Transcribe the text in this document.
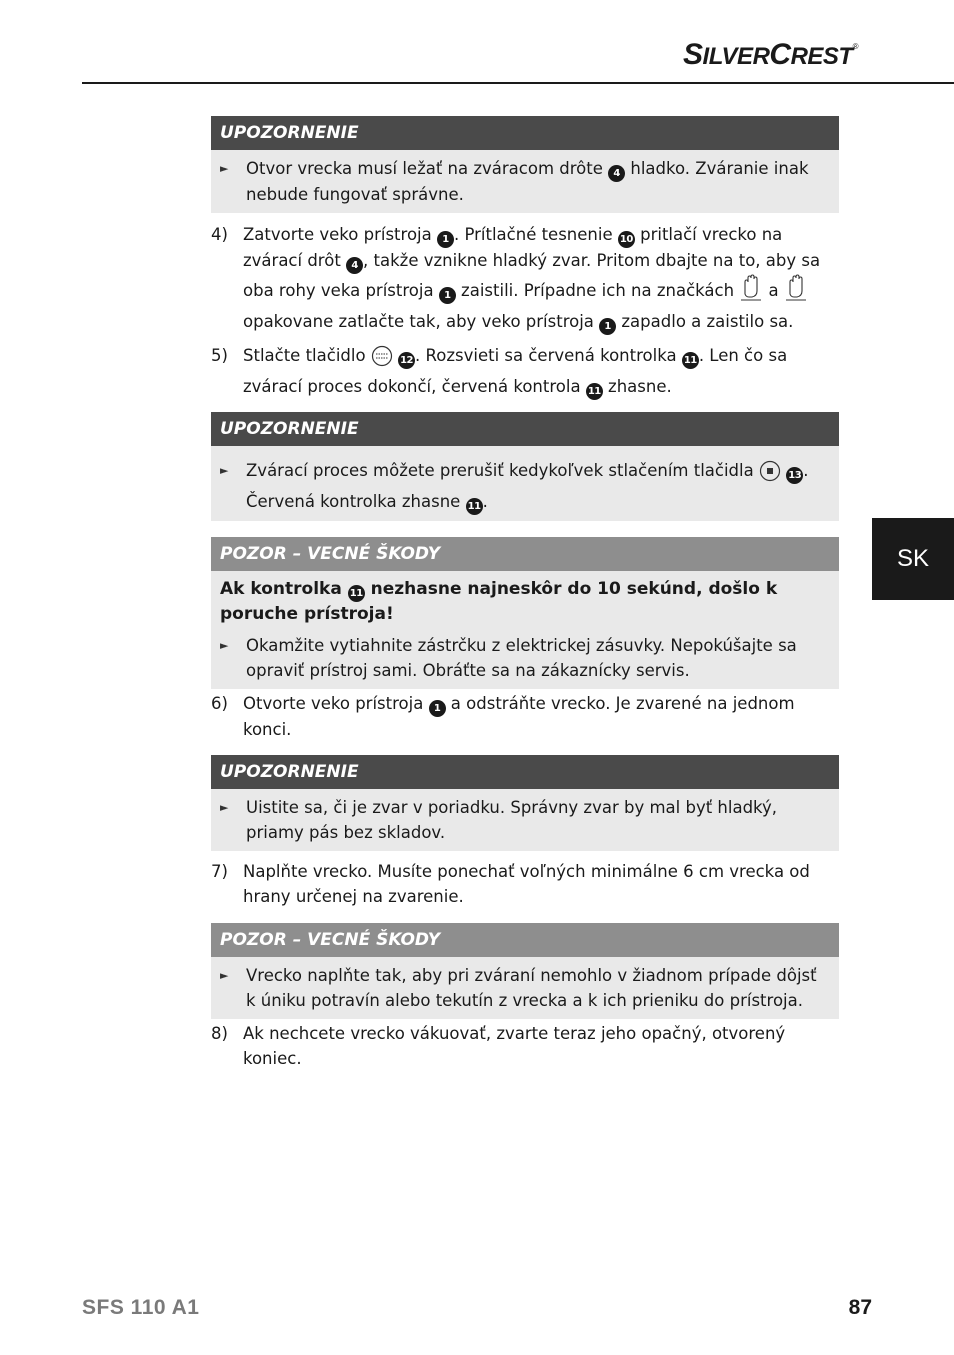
SILVERCREST®
SK
UPOZORNENIE
►	Otvor vrecka musí ležať na zváracom drôte 4 hladko. Zváranie inak nebude fungovať správne.
4) Zatvorte veko prístroja 1 . Prítlačné tesnenie 10 pritlačí vrecko na zvárací drôt 4 , takže vznikne hladký zvar. Pritom dbajte na to, aby sa oba rohy veka prístroja 1 zaistili. Prípadne ich na značkách  a  opakovane zatlačte tak, aby veko prístroja 1 zapadlo a zaistilo sa.
5) Stlačte tlačidlo	12 . Rozsvieti sa červená kontrolka 11 . Len čo sa zvárací proces dokončí, červená kontrola 11 zhasne.
UPOZORNENIE
►	Zvárací proces môžete prerušiť kedykoľvek stlačením tlačidla	13 . Červená kontrolka zhasne 11 .
POZOR – VECNÉ ŠKODY
Ak kontrolka 11 nezhasne najneskôr do 10 sekúnd, došlo k poruche prístroja!
►	Okamžite vytiahnite zástrčku z elektrickej zásuvky. Nepokúšajte sa opraviť prístroj sami. Obráťte sa na zákaznícky servis.
6) Otvorte veko prístroja 1 a odstráňte vrecko. Je zvarené na jednom konci.
UPOZORNENIE
►	Uistite sa, či je zvar v poriadku. Správny zvar by mal byť hladký, priamy pás bez skladov.
7) Naplňte vrecko. Musíte ponechať voľných minimálne 6 cm vrecka od hrany určenej na zvarenie.
POZOR – VECNÉ ŠKODY
►	Vrecko naplňte tak, aby pri zváraní nemohlo v žiadnom prípade dôjsť k úniku potravín alebo tekutín z vrecka a k ich prieniku do prístroja.
8) Ak nechcete vrecko vákuovať, zvarte teraz jeho opačný, otvorený koniec.
SFS 110 A1	87
